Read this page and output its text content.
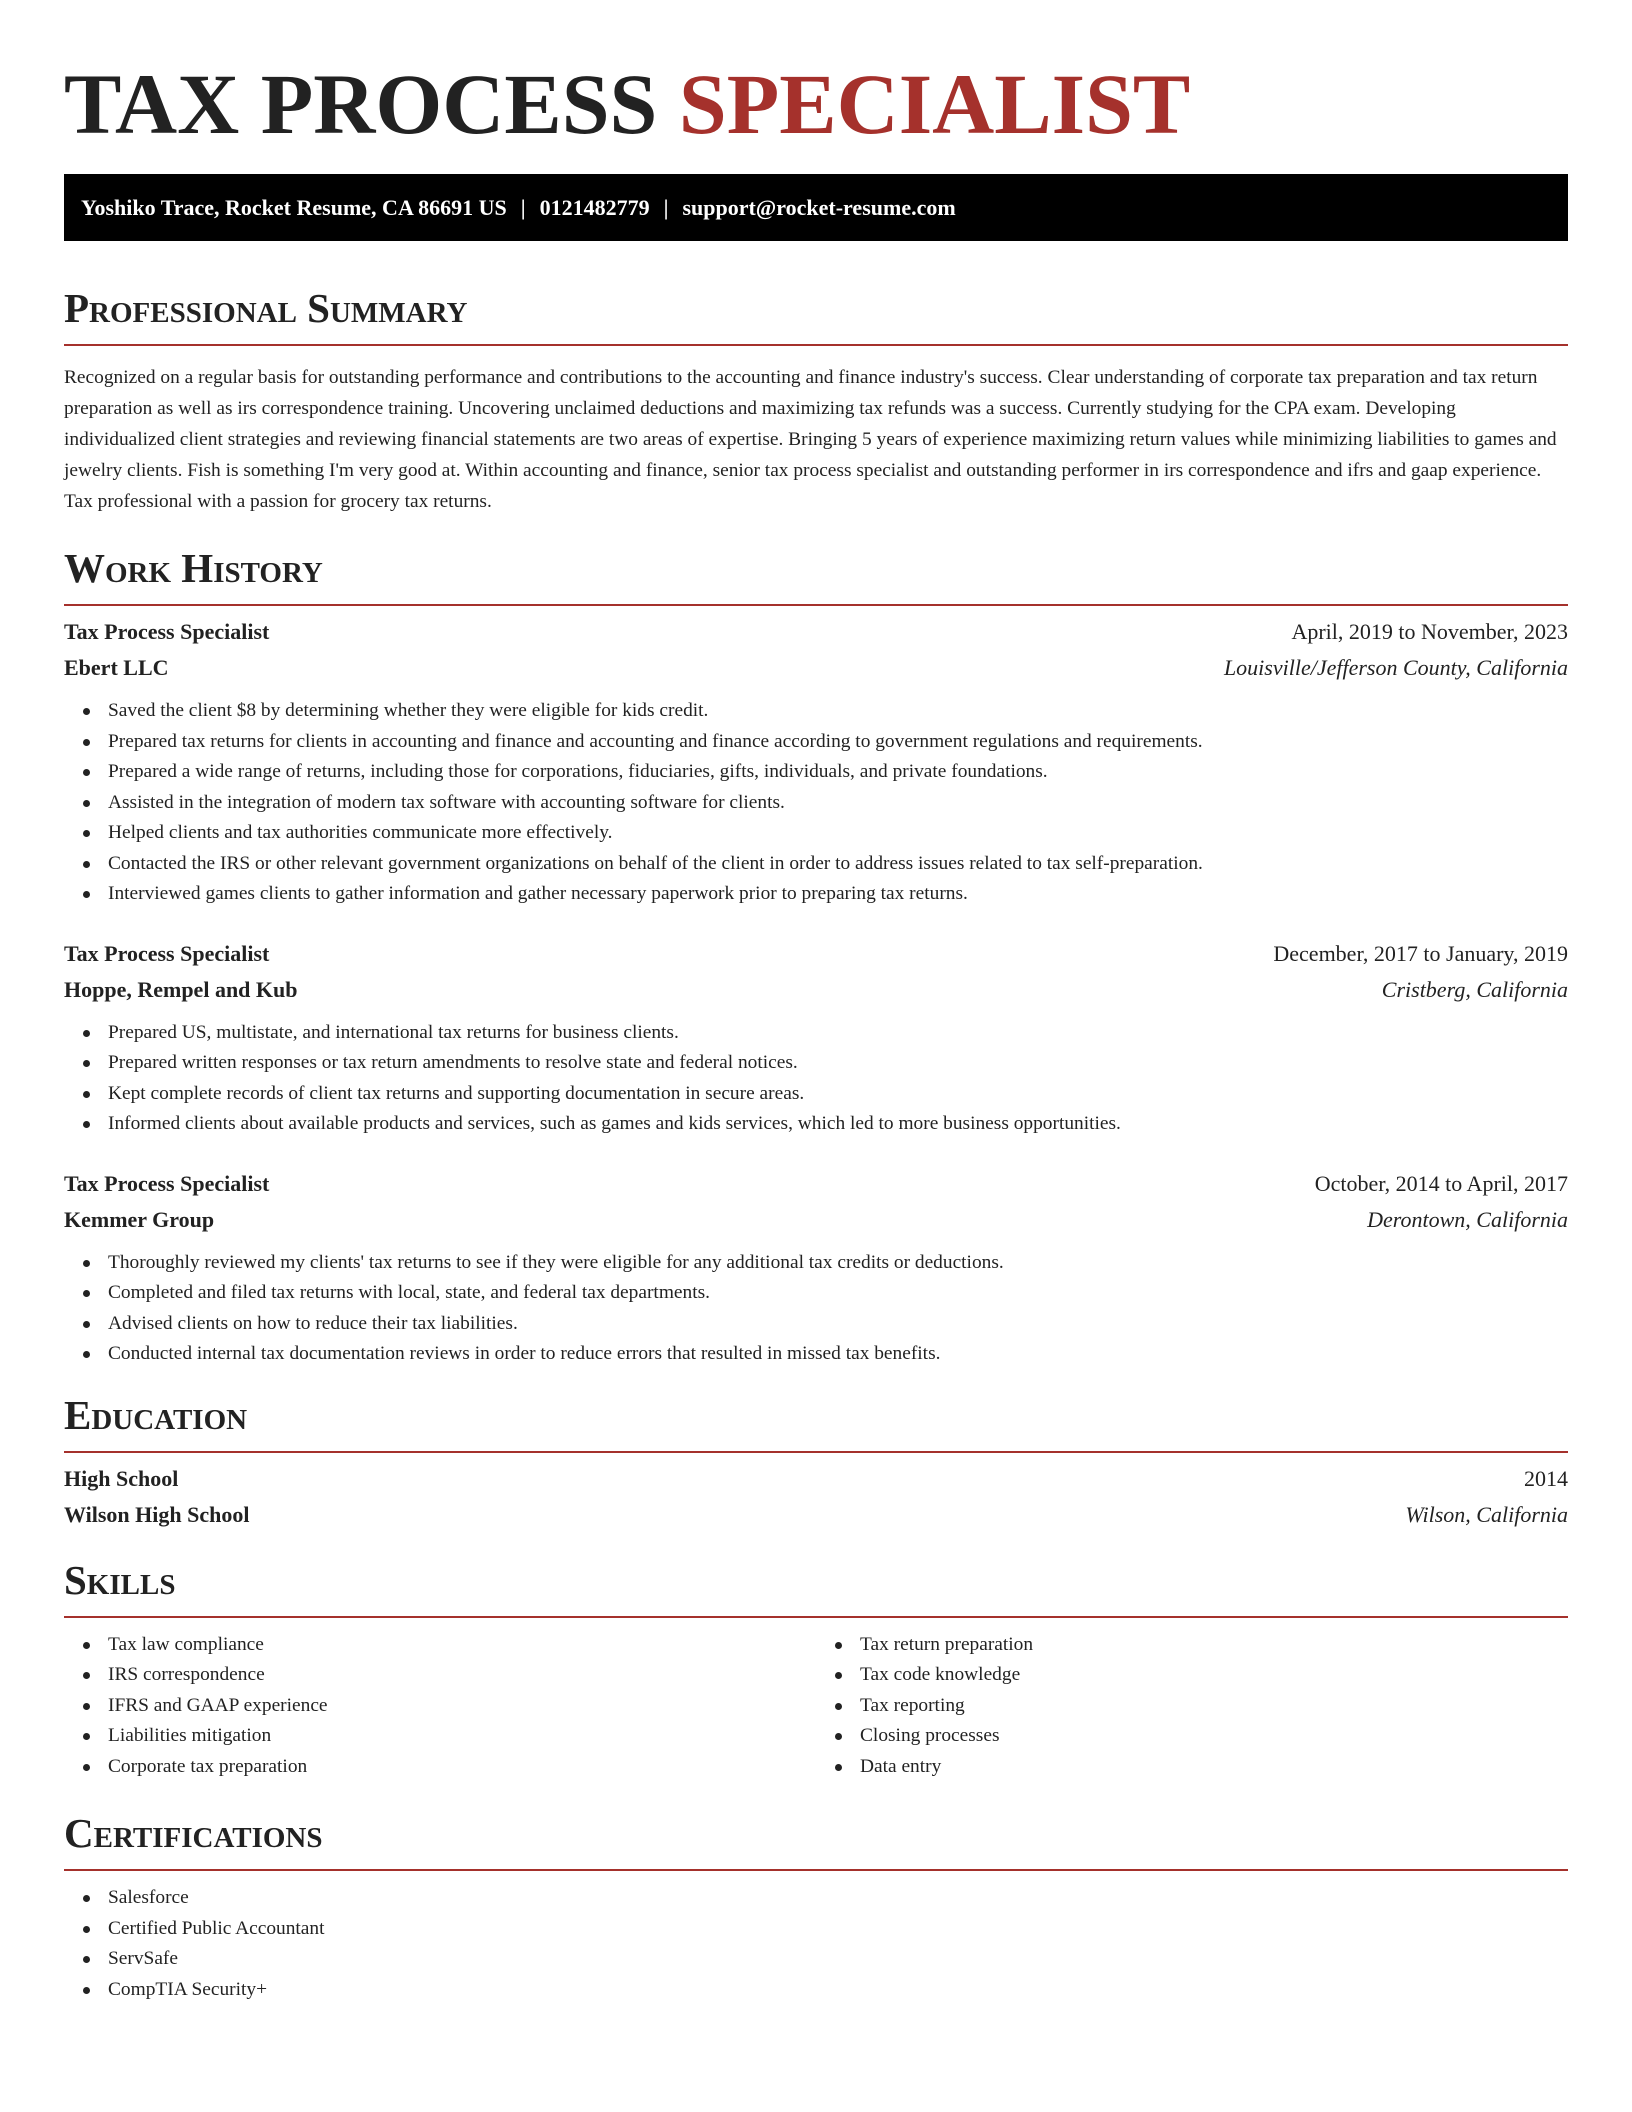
TAX PROCESS SPECIALIST
Yoshiko Trace, Rocket Resume, CA 86691 US | 0121482779 | support@rocket-resume.com
Professional Summary

Recognized on a regular basis for outstanding performance and contributions to the accounting and finance industry's success. Clear understanding of corporate tax preparation and tax return preparation as well as irs correspondence training. Uncovering unclaimed deductions and maximizing tax refunds was a success. Currently studying for the CPA exam. Developing individualized client strategies and reviewing financial statements are two areas of expertise. Bringing 5 years of experience maximizing return values while minimizing liabilities to games and jewelry clients. Fish is something I'm very good at. Within accounting and finance, senior tax process specialist and outstanding performer in irs correspondence and ifrs and gaap experience. Tax professional with a passion for grocery tax returns.

Work History
Tax Process Specialist	April, 2019 to November, 2023
Ebert LLC	Louisville/Jefferson County, California
Saved the client $8 by determining whether they were eligible for kids credit.
Prepared tax returns for clients in accounting and finance and accounting and finance according to government regulations and requirements.
Prepared a wide range of returns, including those for corporations, fiduciaries, gifts, individuals, and private foundations.
Assisted in the integration of modern tax software with accounting software for clients.
Helped clients and tax authorities communicate more effectively.
Contacted the IRS or other relevant government organizations on behalf of the client in order to address issues related to tax self-preparation.
Interviewed games clients to gather information and gather necessary paperwork prior to preparing tax returns.
Tax Process Specialist	December, 2017 to January, 2019
Hoppe, Rempel and Kub	Cristberg, California
Prepared US, multistate, and international tax returns for business clients.
Prepared written responses or tax return amendments to resolve state and federal notices.
Kept complete records of client tax returns and supporting documentation in secure areas.
Informed clients about available products and services, such as games and kids services, which led to more business opportunities.
Tax Process Specialist	October, 2014 to April, 2017
Kemmer Group	Derontown, California
Thoroughly reviewed my clients' tax returns to see if they were eligible for any additional tax credits or deductions.
Completed and filed tax returns with local, state, and federal tax departments.
Advised clients on how to reduce their tax liabilities.
Conducted internal tax documentation reviews in order to reduce errors that resulted in missed tax benefits.
Education
High School	2014
Wilson High School	Wilson, California
Skills
Tax law compliance
IRS correspondence
IFRS and GAAP experience
Liabilities mitigation
Corporate tax preparation
Tax return preparation
Tax code knowledge
Tax reporting
Closing processes
Data entry
Certifications
Salesforce
Certified Public Accountant
ServSafe
CompTIA Security+
